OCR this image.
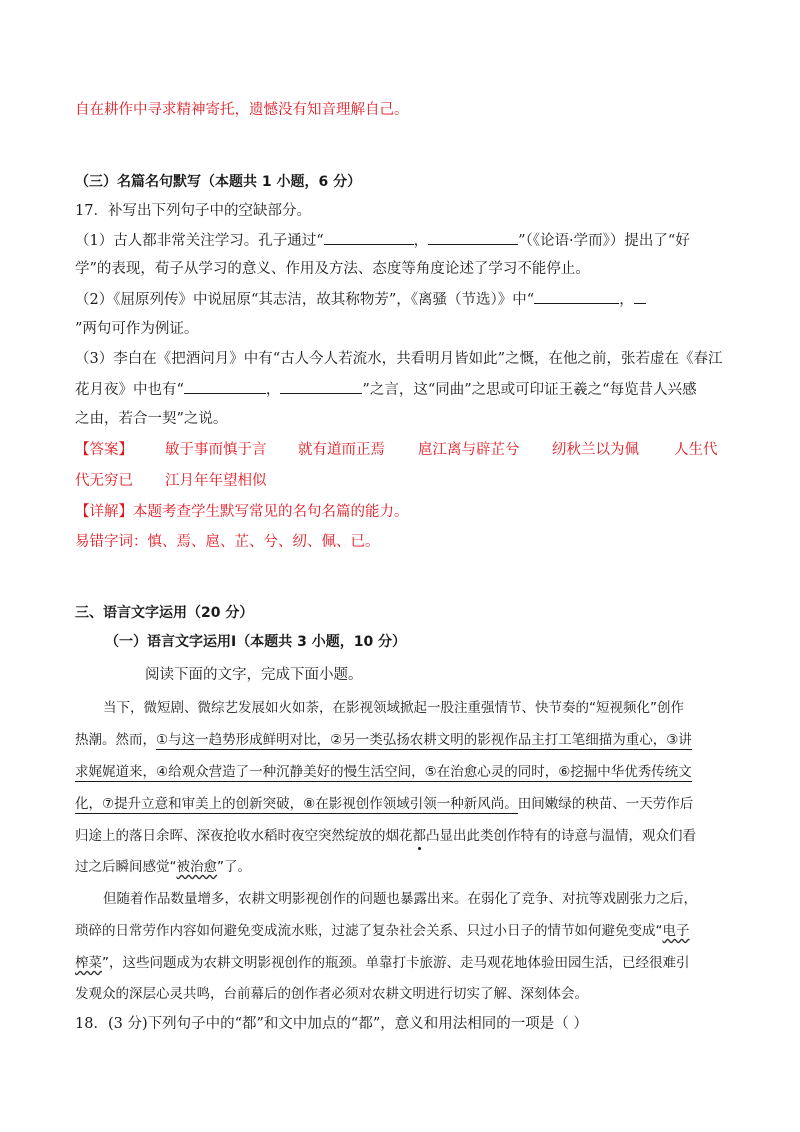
自在耕作中寻求精神寄托，遗憾没有知音理解自己。
（三）名篇名句默写（本题共 1 小题，6 分）
17．补写出下列句子中的空缺部分。
（1）古人都非常关注学习。孔子通过“	，	”（《论语·学而》）提出了“好
学”的表现，荀子从学习的意义、作用及方法、态度等角度论述了学习不能停止。
（2）《屈原列传》中说屈原“其志洁，故其称物芳”，《离骚（节选）》中“	，
”两句可作为例证。
（3）李白在《把酒问月》中有“古人今人若流水，共看明月皆如此”之慨，在他之前，张若虚在《春江
花月夜》中也有“	，	”之言，这“同曲”之思或可印证王羲之“每览昔人兴感
之由，若合一契”之说。
【答案】 敏于事而慎于言 就有道而正焉 扈江离与辟芷兮 纫秋兰以为佩 人生代
代无穷已 江月年年望相似
【详解】本题考查学生默写常见的名句名篇的能力。
易错字词：慎、焉、扈、芷、兮、纫、佩、已。
三、语言文字运用（20 分）
（一）语言文字运用Ⅰ（本题共 3 小题，10 分）
阅读下面的文字，完成下面小题。
当下，微短剧、微综艺发展如火如荼，在影视领域掀起一股注重强情节、快节奏的“短视频化”创作
热潮。然而，①与这一趋势形成鲜明对比，②另一类弘扬农耕文明的影视作品主打工笔细描为重心，③讲
求娓娓道来，④给观众营造了一种沉静美好的慢生活空间，⑤在治愈心灵的同时，⑥挖掘中华优秀传统文
化，⑦提升立意和审美上的创新突破，⑧在影视创作领域引领一种新风尚。田间嫩绿的秧苗、一天劳作后
归途上的落日余晖、深夜抢收水稻时夜空突然绽放的烟花都凸显出此类创作特有的诗意与温情，观众们看
过之后瞬间感觉“被治愈”了。
但随着作品数量增多，农耕文明影视创作的问题也暴露出来。在弱化了竞争、对抗等戏剧张力之后，
琐碎的日常劳作内容如何避免变成流水账，过滤了复杂社会关系、只过小日子的情节如何避免变成“电子
榨菜”，这些问题成为农耕文明影视创作的瓶颈。单靠打卡旅游、走马观花地体验田园生活，已经很难引
发观众的深层心灵共鸣，台前幕后的创作者必须对农耕文明进行切实了解、深刻体会。
18．(3 分)下列句子中的“都”和文中加点的“都”，意义和用法相同的一项是（ ）
